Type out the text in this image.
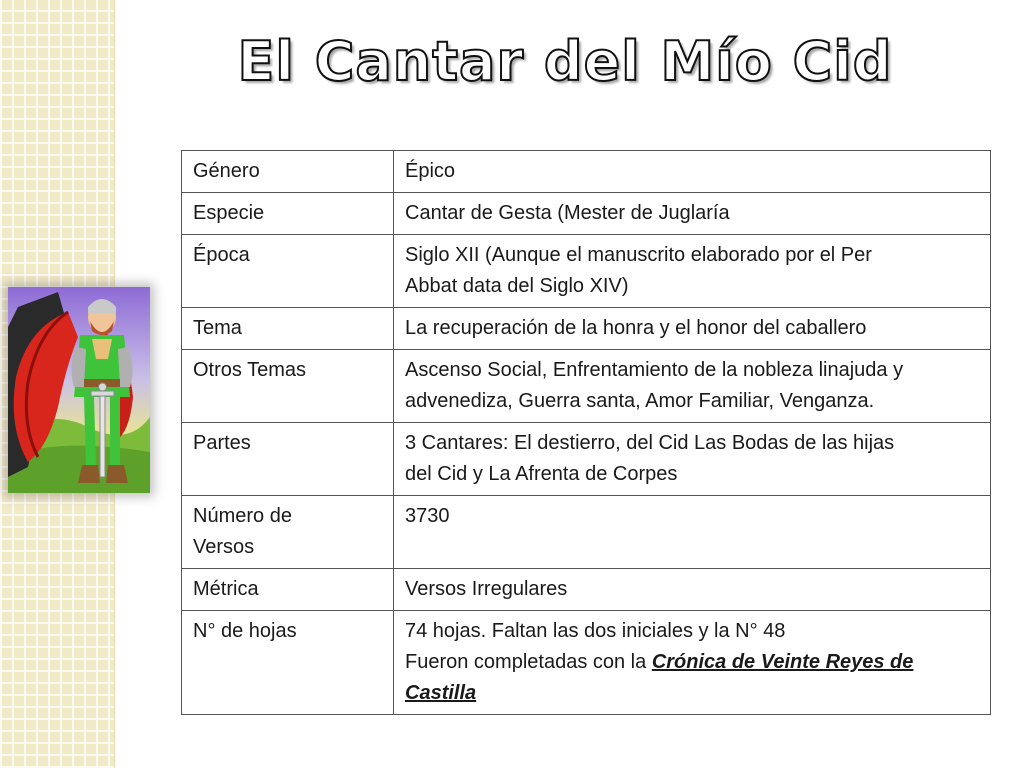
El Cantar del Mío Cid
Género	Épico
Especie	Cantar de Gesta (Mester de Juglaría
Época	Siglo XII (Aunque el manuscrito elaborado por el Per
Abbat data del Siglo XIV)
Tema	La recuperación de la honra y el honor del caballero
Otros Temas	Ascenso Social, Enfrentamiento de la nobleza linajuda y
advenediza, Guerra santa, Amor Familiar, Venganza.
Partes	3 Cantares: El destierro, del Cid Las Bodas de las hijas
del Cid y La Afrenta de Corpes
Número de
Versos	3730
Métrica	Versos Irregulares
N° de hojas	74 hojas. Faltan las dos iniciales y la N° 48
Fueron completadas con la Crónica de Veinte Reyes de Castilla
